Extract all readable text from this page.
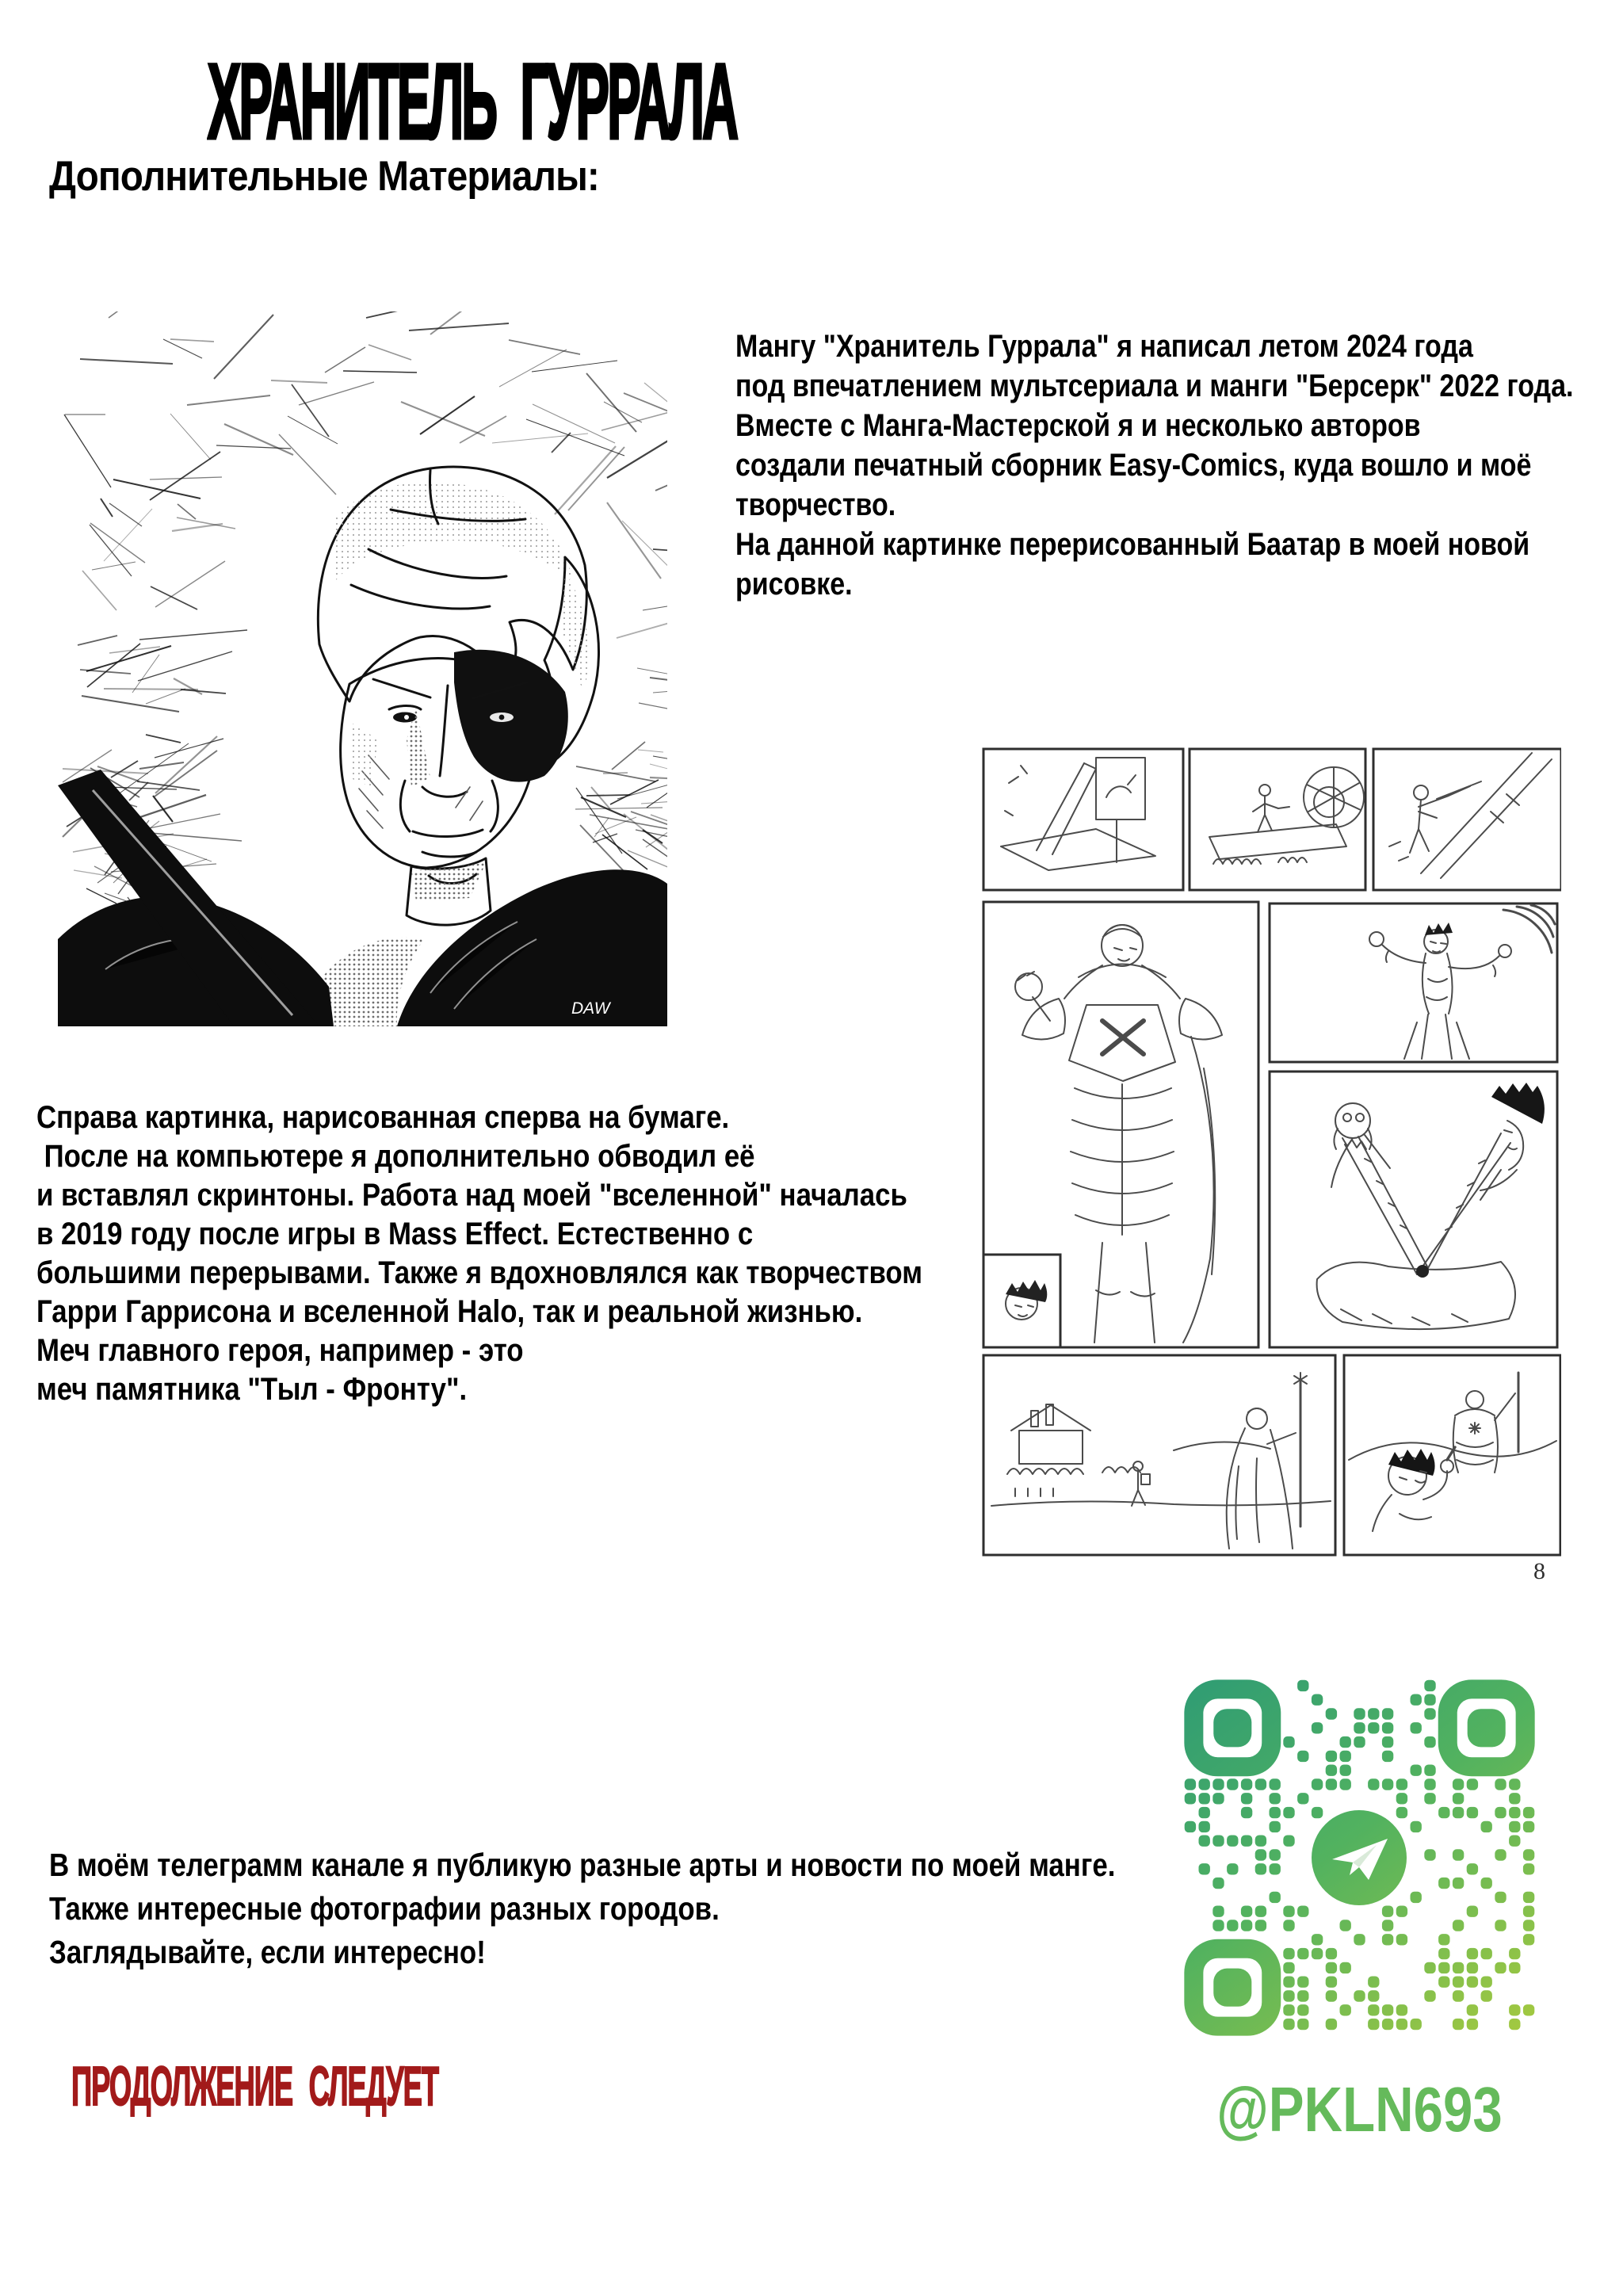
ХРАНИТЕЛЬ ГУРРАЛА
Дополнительные Материалы:
DAW
Мангу "Хранитель Гуррала" я написал летом 2024 года
под впечатлением мультсериала и манги "Берсерк" 2022 года.
Вместе с Манга-Мастерской я и несколько авторов
создали печатный сборник Easy-Comics, куда вошло и моё
творчество.
На данной картинке перерисованный Баатар в моей новой
рисовке.
8
Справа картинка, нарисованная сперва на бумаге.
После на компьютере я дополнительно обводил её
и вставлял скринтоны. Работа над моей "вселенной" началась
в 2019 году после игры в Mass Effect. Естественно с
большими перерывами. Также я вдохновлялся как творчеством
Гарри Гаррисона и вселенной Halo, так и реальной жизнью.
Меч главного героя, например - это
меч памятника "Тыл - Фронту".
В моём телеграмм канале я публикую разные арты и новости по моей манге.
Также интересные фотографии разных городов.
Заглядывайте, если интересно!
ПРОДОЛЖЕНИЕ СЛЕДУЕТ	@PKLN693
